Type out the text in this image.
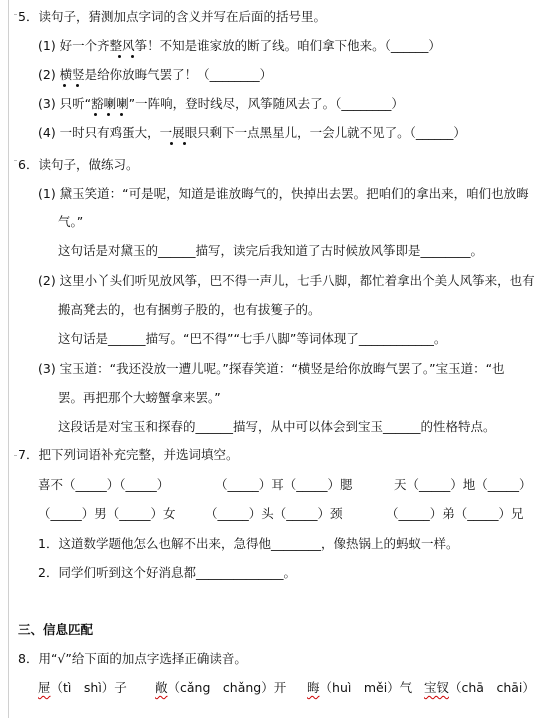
5．读句子，猜测加点字词的含义并写在后面的括号里。
(1) 好一个齐整风筝！不知是谁家放的断了线。咱们拿下他来。（______）
(2) 横竖是给你放晦气罢了！（________）
(3) 只听“豁喇喇”一阵响，登时线尽，风筝随风去了。（________）
(4) 一时只有鸡蛋大，一展眼只剩下一点黑星儿，一会儿就不见了。（______）
6．读句子，做练习。
(1) 黛玉笑道：“可是呢，知道是谁放晦气的，快掉出去罢。把咱们的拿出来，咱们也放晦
气。”
这句话是对黛玉的______描写，读完后我知道了古时候放风筝即是________。
(2) 这里小丫头们听见放风筝，巴不得一声儿，七手八脚，都忙着拿出个美人风筝来，也有
搬高凳去的，也有捆剪子股的，也有拔篗子的。
这句话是______描写。“巴不得”“七手八脚”等词体现了____________。
(3) 宝玉道：“我还没放一遭儿呢。”探春笑道：“横竖是给你放晦气罢了。”宝玉道：“也
罢。再把那个大螃蟹拿来罢。”
这段话是对宝玉和探春的______描写，从中可以体会到宝玉______的性格特点。
7．把下列词语补充完整，并选词填空。
喜不（_____）（_____）	（_____）耳（_____）腮	天（_____）地（_____）
（_____）男（_____）女 （_____）头（_____）颈	（_____）弟（_____）兄
1．这道数学题他怎么也解不出来，急得他________，像热锅上的蚂蚁一样。
2．同学们听到这个好消息都______________。
三、信息匹配
8．用“√”给下面的加点字选择正确读音。
屉（tì　shì）子 敞（cǎng　chǎng）开 晦（huì　měi）气 宝钗（chā　chāi）
